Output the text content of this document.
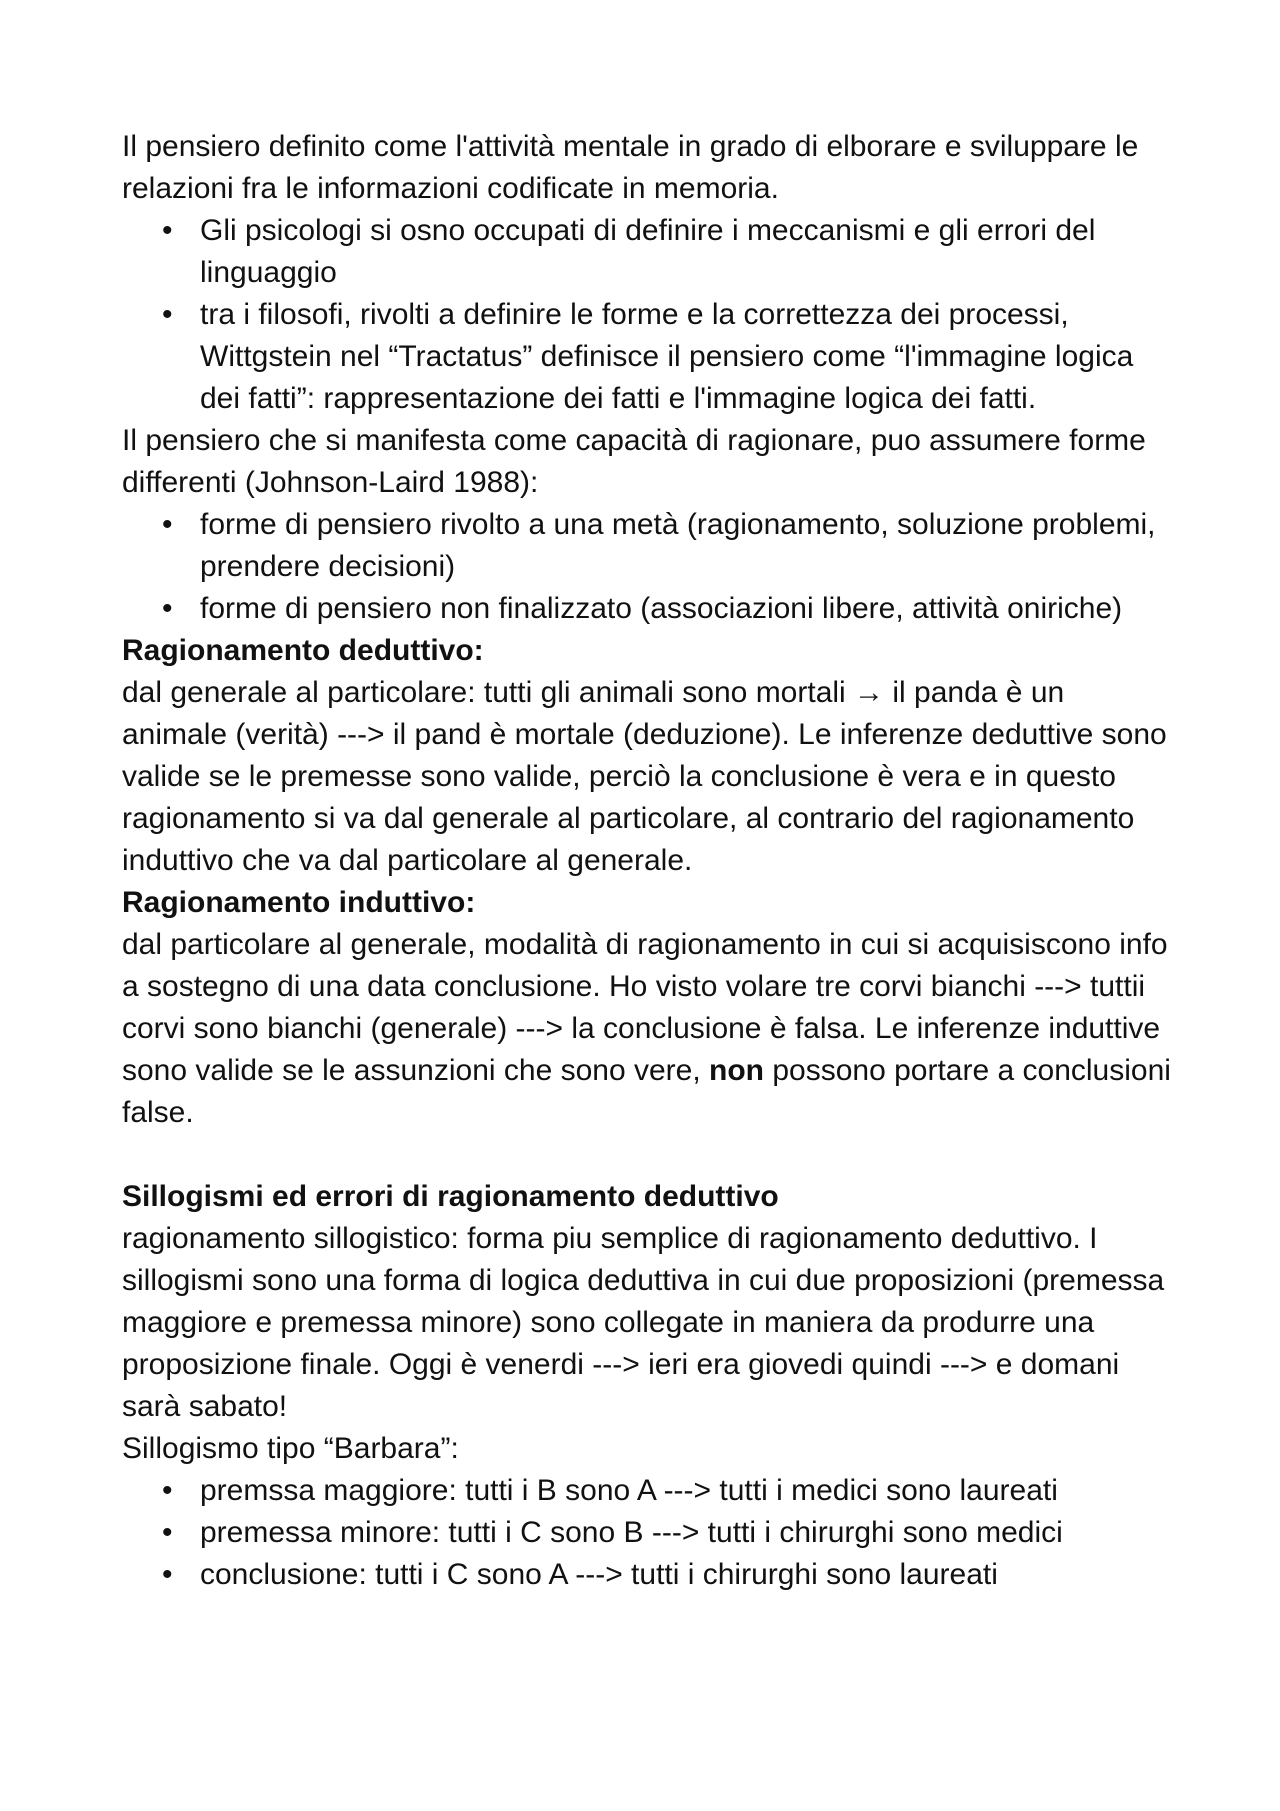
Il pensiero definito come l'attività mentale in grado di elborare e sviluppare le relazioni fra le informazioni codificate in memoria.

• Gli psicologi si osno occupati di definire i meccanismi e gli errori del linguaggio
• tra i filosofi, rivolti a definire le forme e la correttezza dei processi, Wittgstein nel “Tractatus” definisce il pensiero come “l'immagine logica dei fatti”: rappresentazione dei fatti e l'immagine logica dei fatti.

Il pensiero che si manifesta come capacità di ragionare, puo assumere forme differenti (Johnson-Laird 1988):

• forme di pensiero rivolto a una metà (ragionamento, soluzione problemi, prendere decisioni)
• forme di pensiero non finalizzato (associazioni libere, attività oniriche)

Ragionamento deduttivo:

dal generale al particolare: tutti gli animali sono mortali → il panda è un animale (verità) ---> il pand è mortale (deduzione). Le inferenze deduttive sono valide se le premesse sono valide, perciò la conclusione è vera e in questo ragionamento si va dal generale al particolare, al contrario del ragionamento induttivo che va dal particolare al generale.

Ragionamento induttivo:

dal particolare al generale, modalità di ragionamento in cui si acquisiscono info a sostegno di una data conclusione. Ho visto volare tre corvi bianchi ---> tuttii corvi sono bianchi (generale) ---> la conclusione è falsa. Le inferenze induttive sono valide se le assunzioni che sono vere, non possono portare a conclusioni false.

Sillogismi ed errori di ragionamento deduttivo

ragionamento sillogistico: forma piu semplice di ragionamento deduttivo. I sillogismi sono una forma di logica deduttiva in cui due proposizioni (premessa maggiore e premessa minore) sono collegate in maniera da produrre una proposizione finale. Oggi è venerdi ---> ieri era giovedi quindi ---> e domani sarà sabato!

Sillogismo tipo “Barbara”:

• premssa maggiore: tutti i B sono A ---> tutti i medici sono laureati
• premessa minore: tutti i C sono B ---> tutti i chirurghi sono medici
• conclusione: tutti i C sono A ---> tutti i chirurghi sono laureati
